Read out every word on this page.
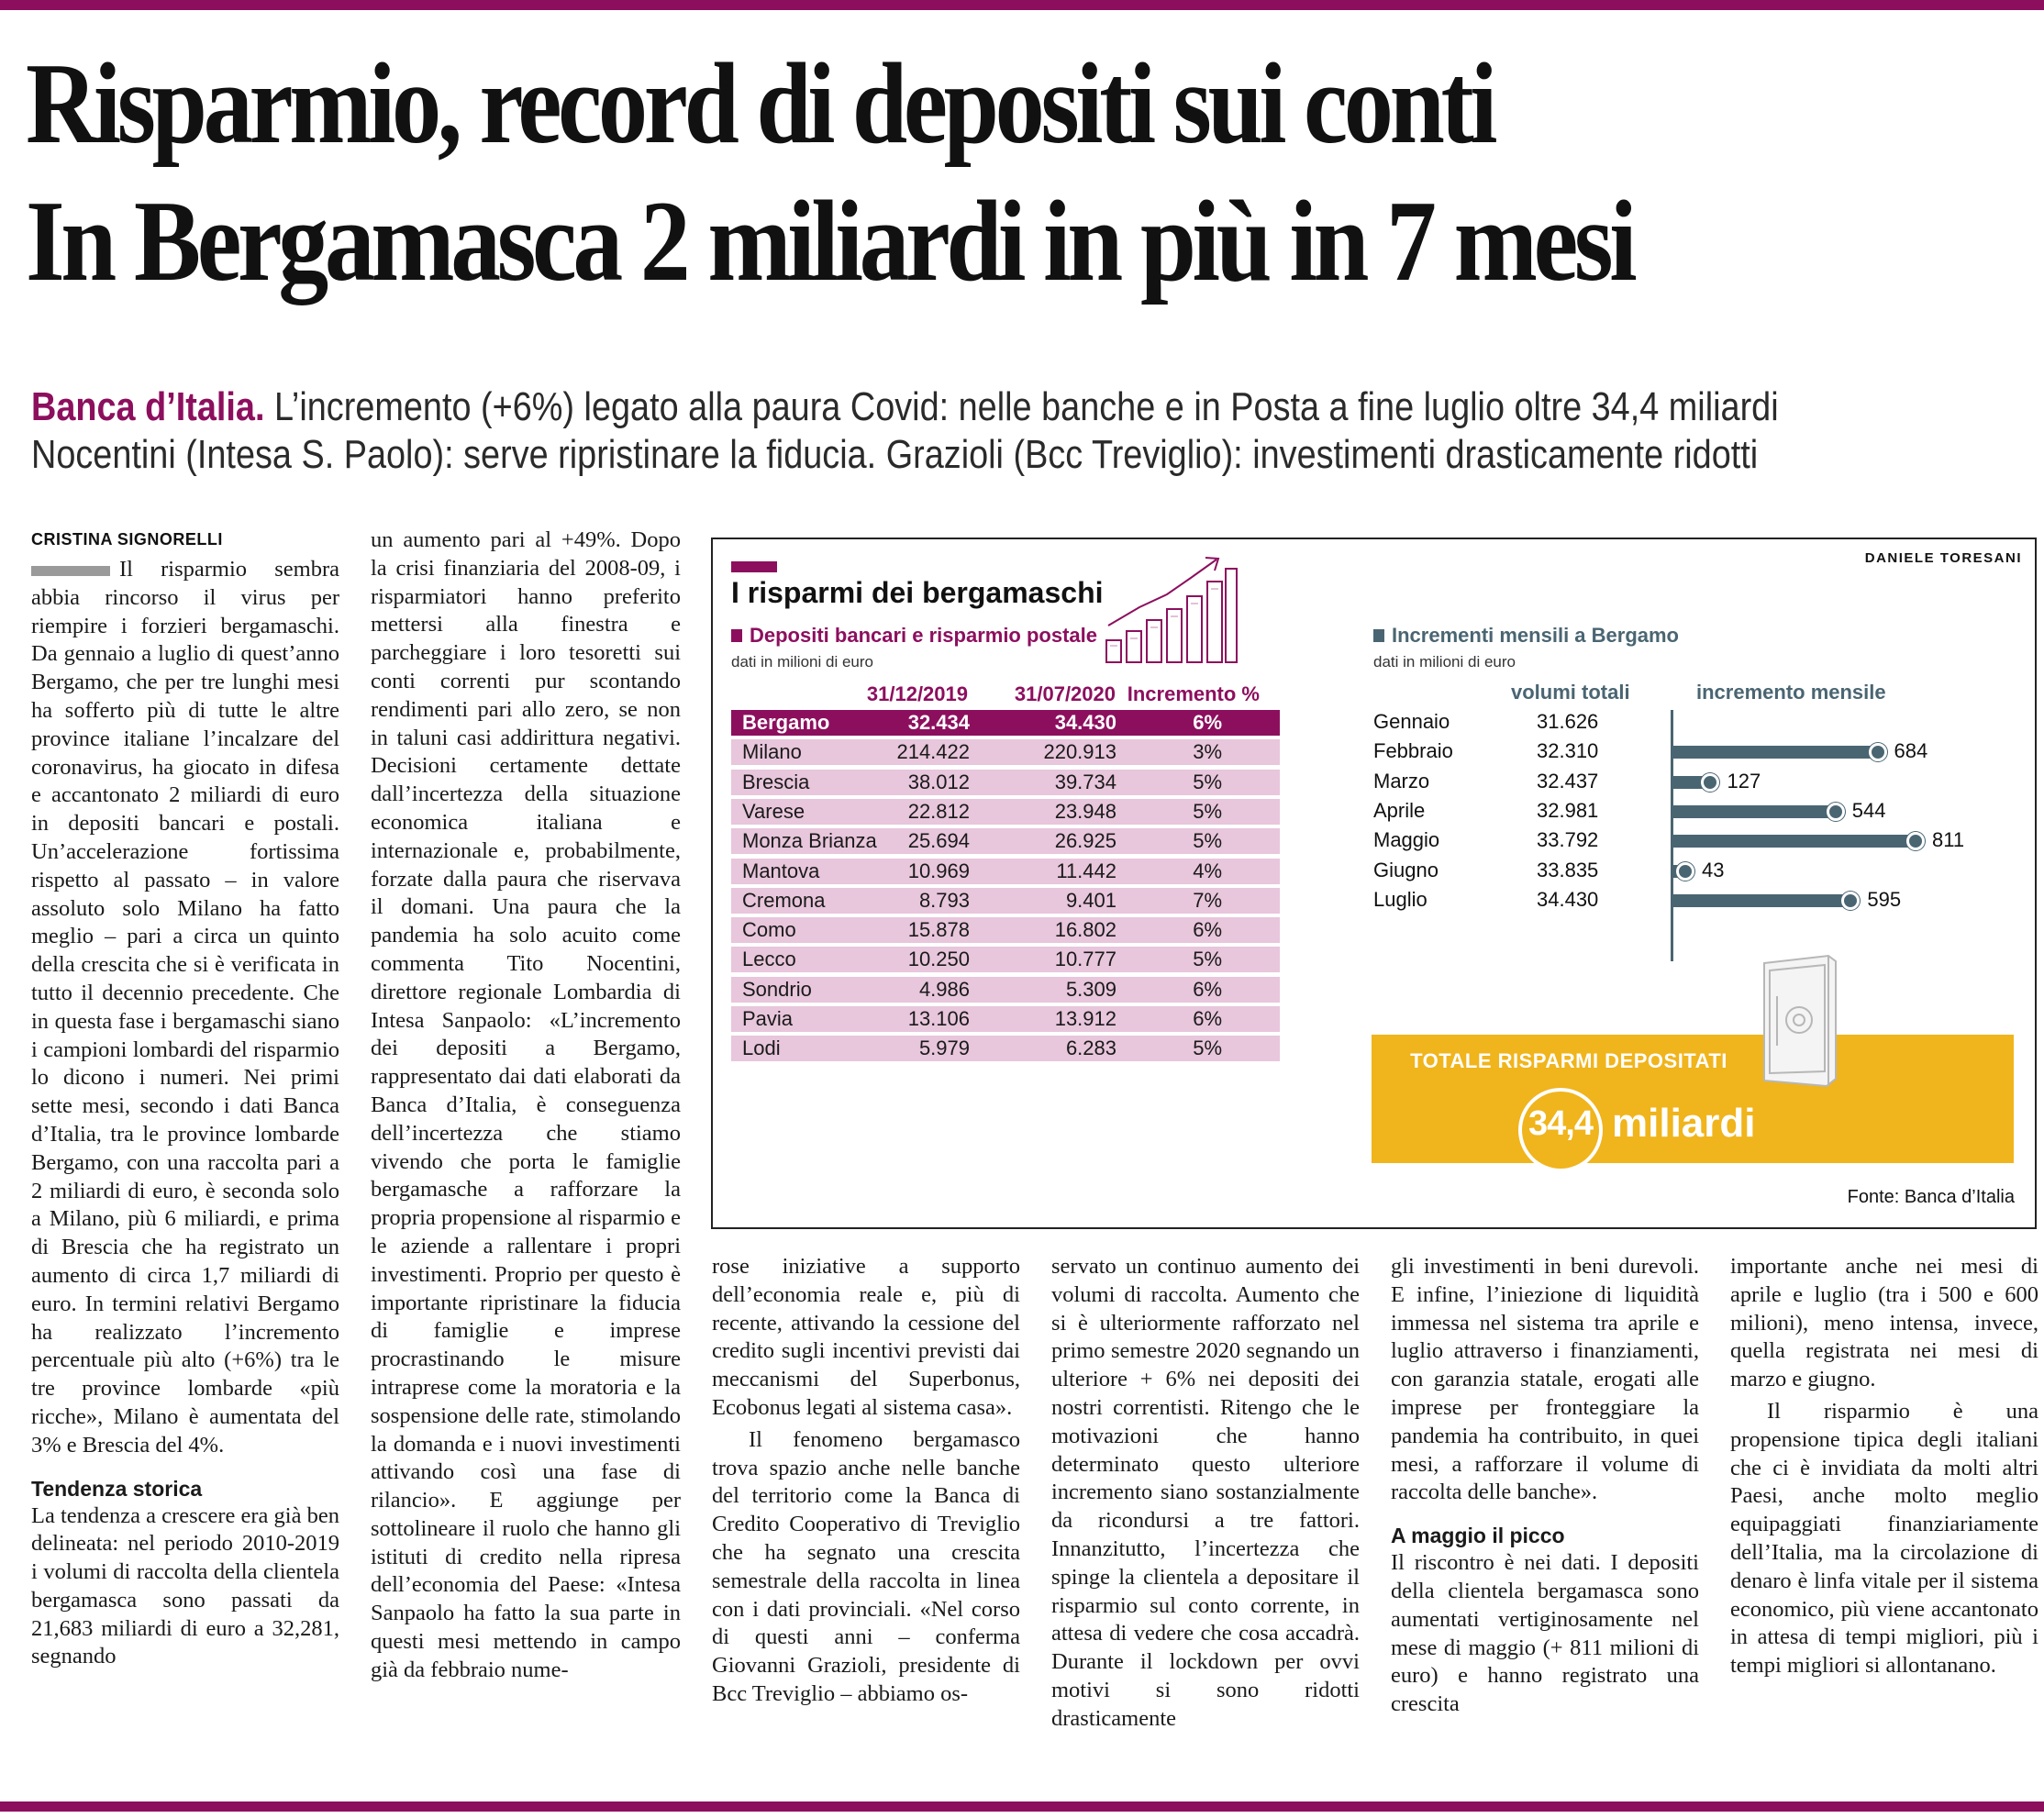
Risparmio, record di depositi sui conti
In Bergamasca 2 miliardi in più in 7 mesi
Banca d’Italia. L’incremento (+6%) legato alla paura Covid: nelle banche e in Posta a fine luglio oltre 34,4 miliardi
Nocentini (Intesa S. Paolo): serve ripristinare la fiducia. Grazioli (Bcc Treviglio): investimenti drasticamente ridotti
CRISTINA SIGNORELLI

Il risparmio sembra abbia rincorso il virus per riempire i forzieri bergamaschi. Da gennaio a luglio di quest’anno Bergamo, che per tre lunghi mesi ha sofferto più di tutte le altre province italiane l’incalzare del coronavirus, ha giocato in difesa e accantonato 2 miliardi di euro in depositi bancari e postali. Un’accelerazione fortissima rispetto al passato – in valore assoluto solo Milano ha fatto meglio – pari a circa un quinto della crescita che si è verificata in tutto il decennio precedente. Che in questa fase i bergamaschi siano i campioni lombardi del risparmio lo dicono i numeri. Nei primi sette mesi, secondo i dati Banca d’Italia, tra le province lombarde Bergamo, con una raccolta pari a 2 miliardi di euro, è seconda solo a Milano, più 6 miliardi, e prima di Brescia che ha registrato un aumento di circa 1,7 miliardi di euro. In termini relativi Bergamo ha realizzato l’incremento percentuale più alto (+6%) tra le tre province lombarde «più ricche», Milano è aumentata del 3% e Brescia del 4%.

Tendenza storica

La tendenza a crescere era già ben delineata: nel periodo 2010-2019 i volumi di raccolta della clientela bergamasca sono passati da 21,683 miliardi di euro a 32,281, segnando

un aumento pari al +49%. Dopo la crisi finanziaria del 2008-09, i risparmiatori hanno preferito mettersi alla finestra e parcheggiare i loro tesoretti sui conti correnti pur scontando rendimenti pari allo zero, se non in taluni casi addirittura negativi. Decisioni certamente dettate dall’incertezza della situazione economica italiana e internazionale e, probabilmente, forzate dalla paura che riservava il domani. Una paura che la pandemia ha solo acuito come commenta Tito Nocentini, direttore regionale Lombardia di Intesa Sanpaolo: «L’incremento dei depositi a Bergamo, rappresentato dai dati elaborati da Banca d’Italia, è conseguenza dell’incertezza che stiamo vivendo che porta le famiglie bergamasche a rafforzare la propria propensione al risparmio e le aziende a rallentare i propri investimenti. Proprio per questo è importante ripristinare la fiducia di famiglie e imprese procrastinando le misure intraprese come la moratoria e la sospensione delle rate, stimolando la domanda e i nuovi investimenti attivando così una fase di rilancio». E aggiunge per sottolineare il ruolo che hanno gli istituti di credito nella ripresa dell’economia del Paese: «Intesa Sanpaolo ha fatto la sua parte in questi mesi mettendo in campo già da febbraio nume-

rose iniziative a supporto dell’economia reale e, più di recente, attivando la cessione del credito sugli incentivi previsti dai meccanismi del Superbonus, Ecobonus legati al sistema casa».

Il fenomeno bergamasco trova spazio anche nelle banche del territorio come la Banca di Credito Cooperativo di Treviglio che ha segnato una crescita semestrale della raccolta in linea con i dati provinciali. «Nel corso di questi anni – conferma Giovanni Grazioli, presidente di Bcc Treviglio – abbiamo os-

servato un continuo aumento dei volumi di raccolta. Aumento che si è ulteriormente rafforzato nel primo semestre 2020 segnando un ulteriore + 6% nei depositi dei nostri correntisti. Ritengo che le motivazioni che hanno determinato questo ulteriore incremento siano sostanzialmente da ricondursi a tre fattori. Innanzitutto, l’incertezza che spinge la clientela a depositare il risparmio sul conto corrente, in attesa di vedere che cosa accadrà. Durante il lockdown per ovvi motivi si sono ridotti drasticamente

gli investimenti in beni durevoli. E infine, l’iniezione di liquidità immessa nel sistema tra aprile e luglio attraverso i finanziamenti, con garanzia statale, erogati alle imprese per fronteggiare la pandemia ha contribuito, in quei mesi, a rafforzare il volume di raccolta delle banche».

A maggio il picco

Il riscontro è nei dati. I depositi della clientela bergamasca sono aumentati vertiginosamente nel mese di maggio (+ 811 milioni di euro) e hanno registrato una crescita

importante anche nei mesi di aprile e luglio (tra i 500 e 600 milioni), meno intensa, invece, quella registrata nei mesi di marzo e giugno.

Il risparmio è una propensione tipica degli italiani che ci è invidiata da molti altri Paesi, anche molto meglio equipaggiati finanziariamente dell’Italia, ma la circolazione di denaro è linfa vitale per il sistema economico, più viene accantonato in attesa di tempi migliori, più i tempi migliori si allontanano.

I risparmi dei bergamaschi
DANIELE TORESANI
Depositi bancari e risparmio postale
dati in milioni di euro
31/12/2019 31/07/2020 Incremento %
Bergamo	32.434	34.430	6%
Milano	214.422	220.913	3%
Brescia	38.012	39.734	5%
Varese	22.812	23.948	5%
Monza Brianza 25.694	26.925	5%
Mantova	10.969	11.442	4%
Cremona	8.793	9.401	7%
Como	15.878	16.802	6%
Lecco	10.250	10.777	5%
Sondrio	4.986	5.309	6%
Pavia	13.106	13.912	6%
Lodi	5.979	6.283	5%
Incrementi mensili a Bergamo
dati in milioni di euro
volumi totali	incremento mensile
Gennaio	31.626
Febbraio	32.310	684
Marzo	32.437	127
Aprile	32.981	544
Maggio	33.792	811
Giugno	33.835	43
Luglio	34.430	595
TOTALE RISPARMI DEPOSITATI
34,4 miliardi
Fonte: Banca d’Italia
